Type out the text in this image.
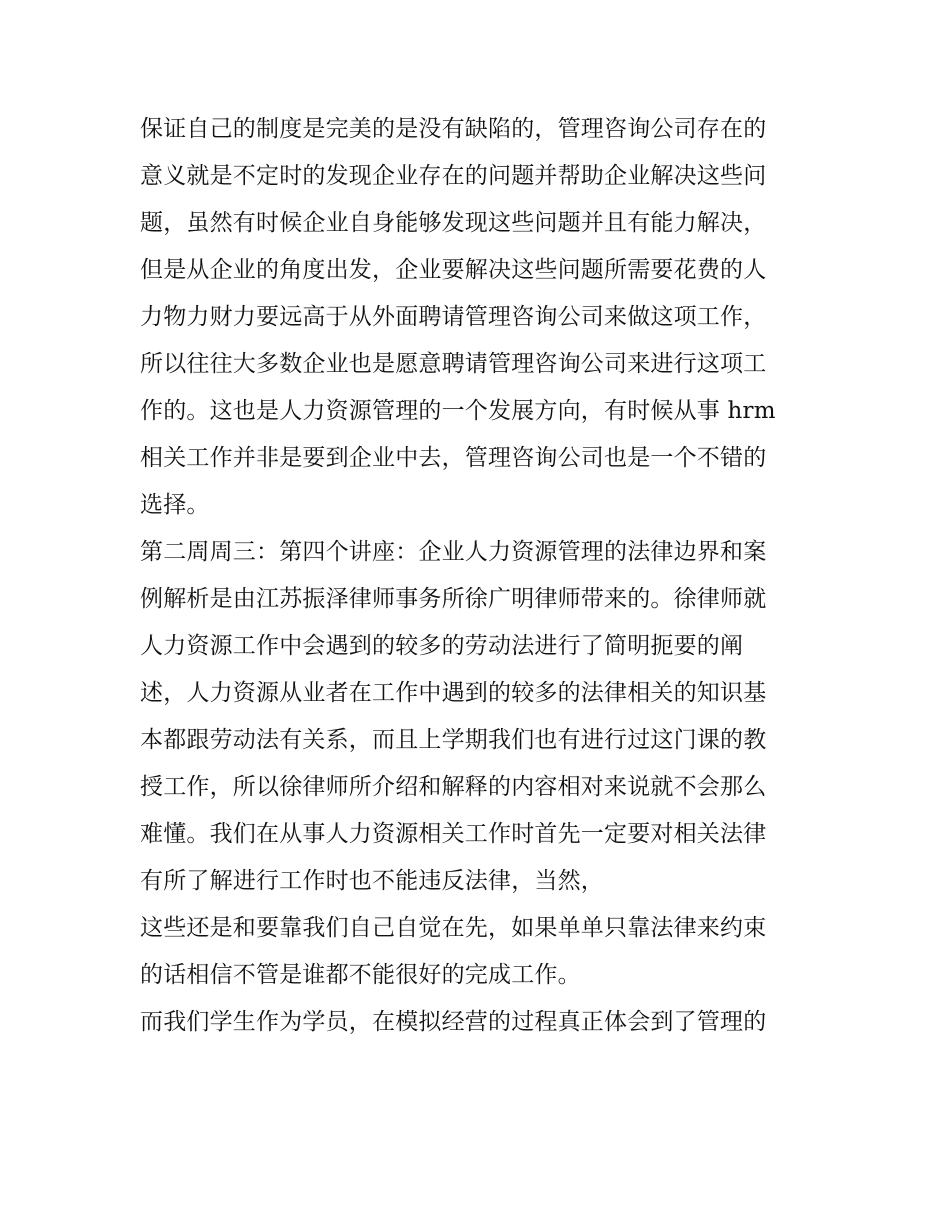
保证自己的制度是完美的是没有缺陷的，管理咨询公司存在的
意义就是不定时的发现企业存在的问题并帮助企业解决这些问
题，虽然有时候企业自身能够发现这些问题并且有能力解决，
但是从企业的角度出发，企业要解决这些问题所需要花费的人
力物力财力要远高于从外面聘请管理咨询公司来做这项工作，
所以往往大多数企业也是愿意聘请管理咨询公司来进行这项工
作的。这也是人力资源管理的一个发展方向，有时候从事 hrm
相关工作并非是要到企业中去，管理咨询公司也是一个不错的
选择。
第二周周三：第四个讲座：企业人力资源管理的法律边界和案
例解析是由江苏振泽律师事务所徐广明律师带来的。徐律师就
人力资源工作中会遇到的较多的劳动法进行了简明扼要的阐
述，人力资源从业者在工作中遇到的较多的法律相关的知识基
本都跟劳动法有关系，而且上学期我们也有进行过这门课的教
授工作，所以徐律师所介绍和解释的内容相对来说就不会那么
难懂。我们在从事人力资源相关工作时首先一定要对相关法律
有所了解进行工作时也不能违反法律，当然，
这些还是和要靠我们自己自觉在先，如果单单只靠法律来约束
的话相信不管是谁都不能很好的完成工作。
而我们学生作为学员，在模拟经营的过程真正体会到了管理的
